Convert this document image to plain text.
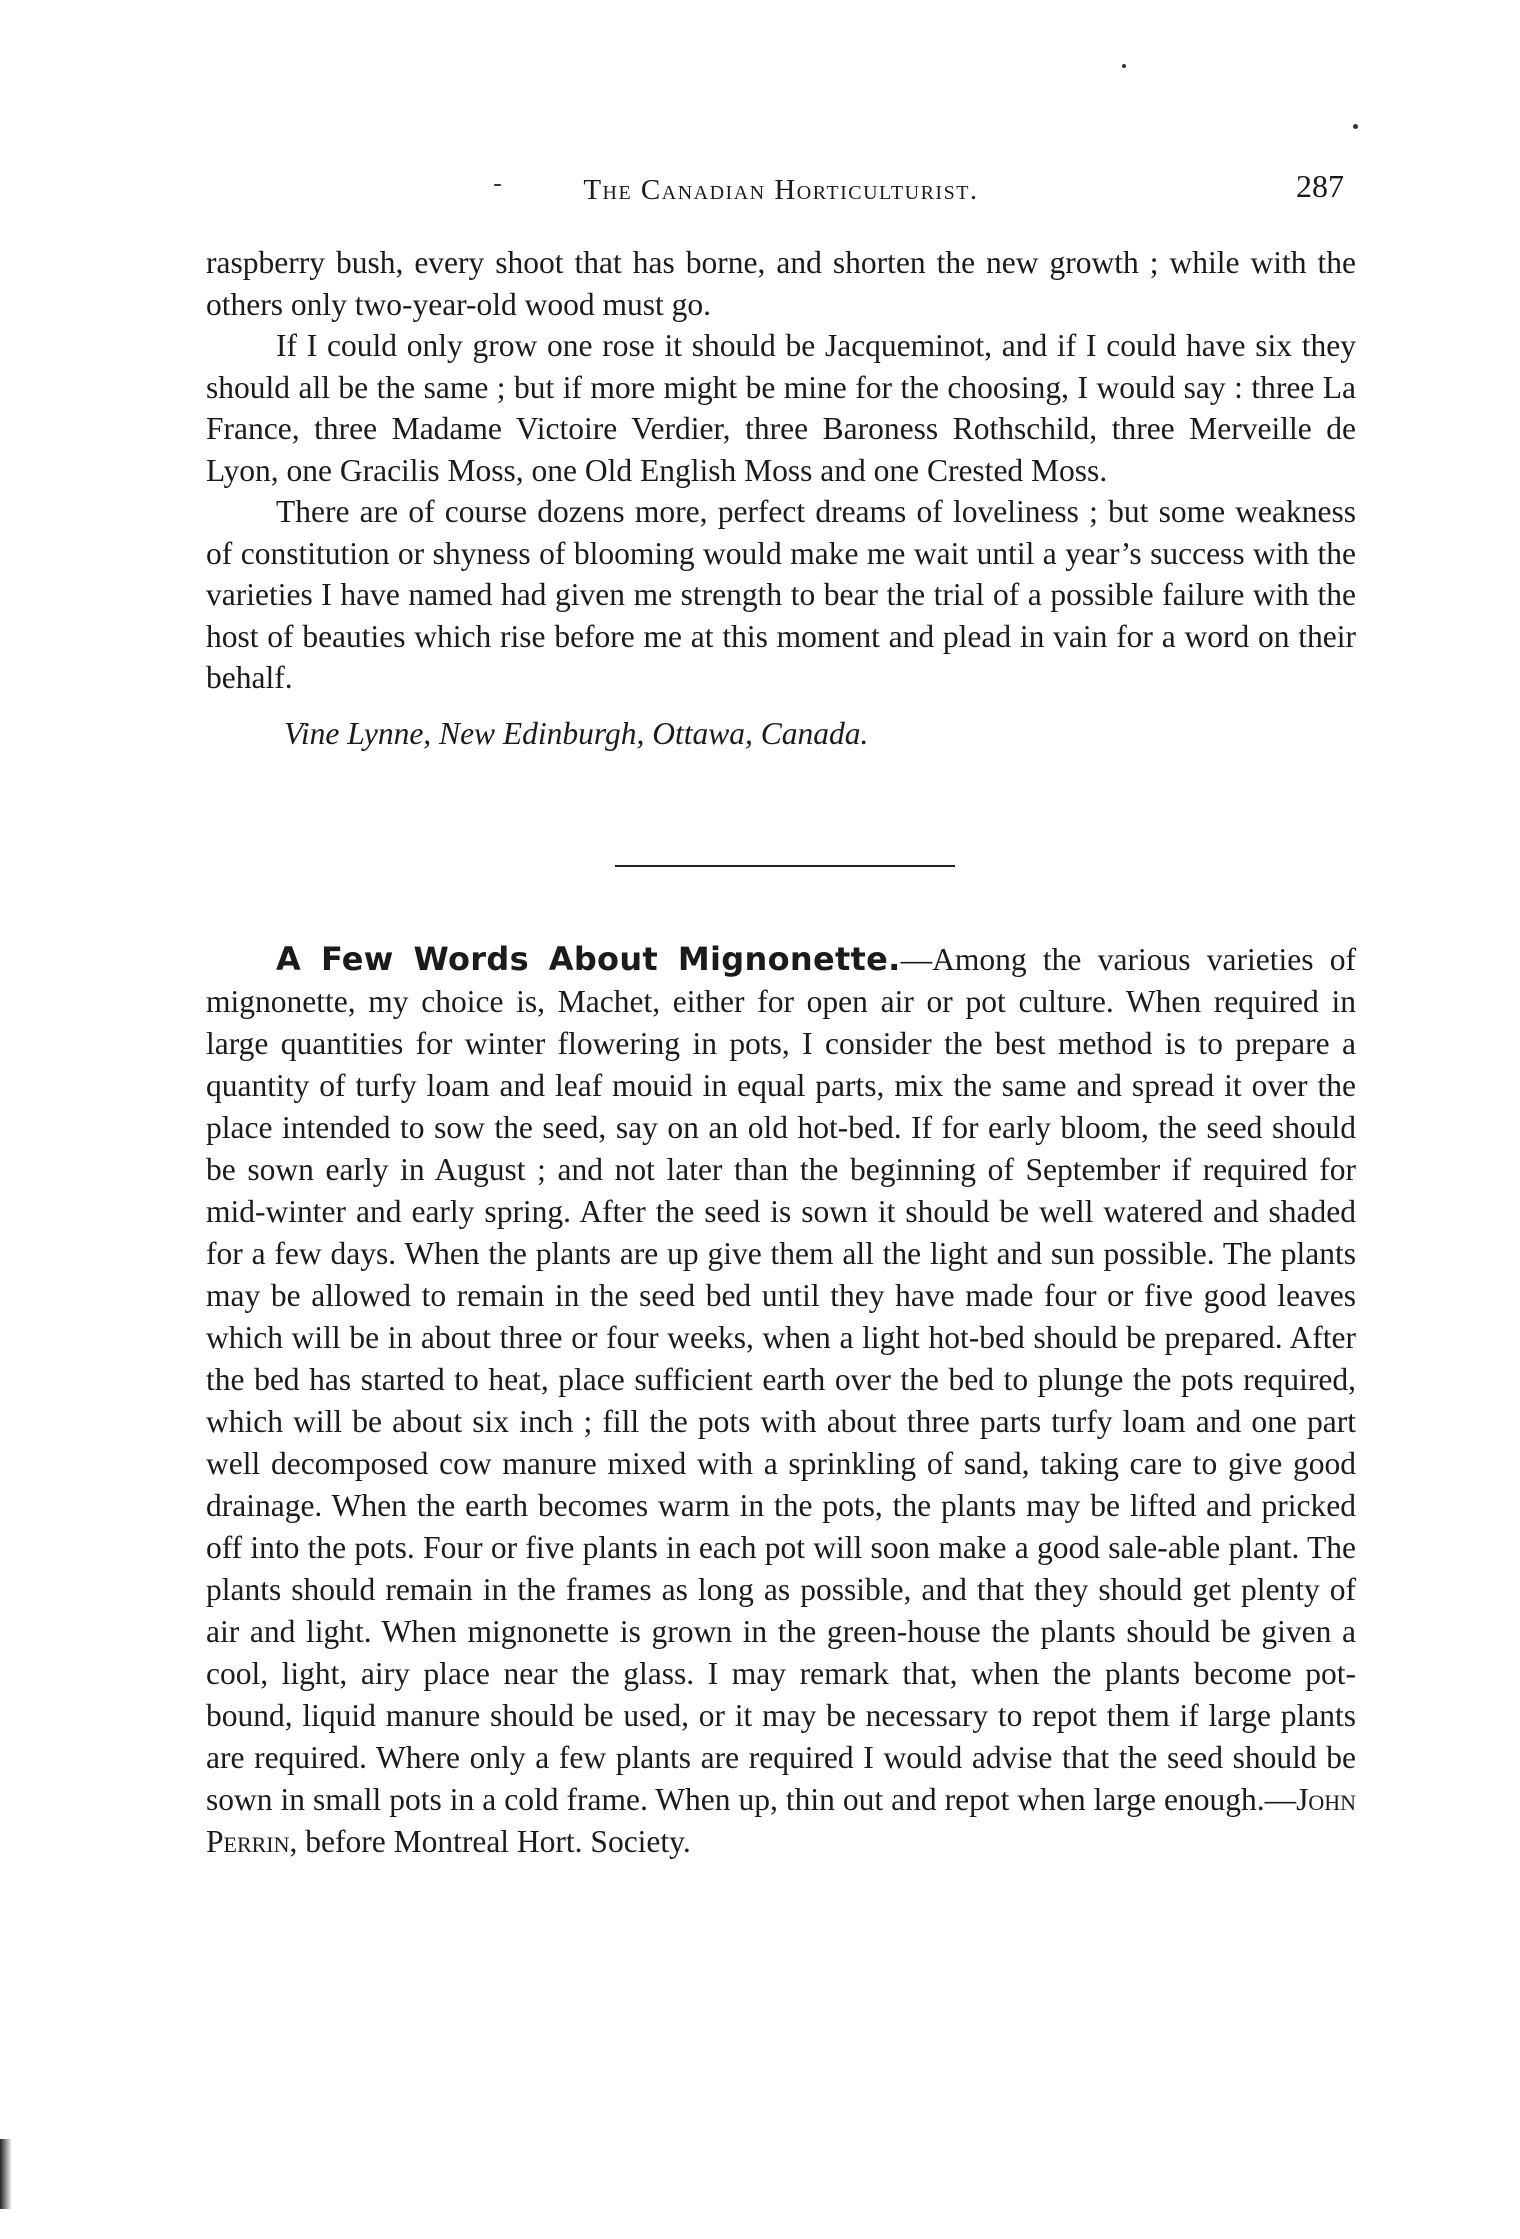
The Canadian Horticulturist.	287

raspberry bush, every shoot that has borne, and shorten the new growth ; while with the others only two-year-old wood must go.

If I could only grow one rose it should be Jacqueminot, and if I could have six they should all be the same ; but if more might be mine for the choosing, I would say : three La France, three Madame Victoire Verdier, three Baroness Rothschild, three Merveille de Lyon, one Gracilis Moss, one Old English Moss and one Crested Moss.

There are of course dozens more, perfect dreams of loveliness ; but some weakness of constitution or shyness of blooming would make me wait until a year’s success with the varieties I have named had given me strength to bear the trial of a possible failure with the host of beauties which rise before me at this moment and plead in vain for a word on their behalf.

Vine Lynne, New Edinburgh, Ottawa, Canada.

A Few Words About Mignonette.—Among the various varieties of mignonette, my choice is, Machet, either for open air or pot culture. When required in large quantities for winter flowering in pots, I consider the best method is to prepare a quantity of turfy loam and leaf mouid in equal parts, mix the same and spread it over the place intended to sow the seed, say on an old hot-bed. If for early bloom, the seed should be sown early in August ; and not later than the beginning of September if required for mid-winter and early spring. After the seed is sown it should be well watered and shaded for a few days. When the plants are up give them all the light and sun possible. The plants may be allowed to remain in the seed bed until they have made four or five good leaves which will be in about three or four weeks, when a light hot-bed should be prepared. After the bed has started to heat, place sufficient earth over the bed to plunge the pots required, which will be about six inch ; fill the pots with about three parts turfy loam and one part well decomposed cow manure mixed with a sprinkling of sand, taking care to give good drainage. When the earth becomes warm in the pots, the plants may be lifted and pricked off into the pots. Four or five plants in each pot will soon make a good sale-able plant. The plants should remain in the frames as long as possible, and that they should get plenty of air and light. When mignonette is grown in the green-house the plants should be given a cool, light, airy place near the glass. I may remark that, when the plants become pot-bound, liquid manure should be used, or it may be necessary to repot them if large plants are required. Where only a few plants are required I would advise that the seed should be sown in small pots in a cold frame. When up, thin out and repot when large enough.—John Perrin, before Montreal Hort. Society.
